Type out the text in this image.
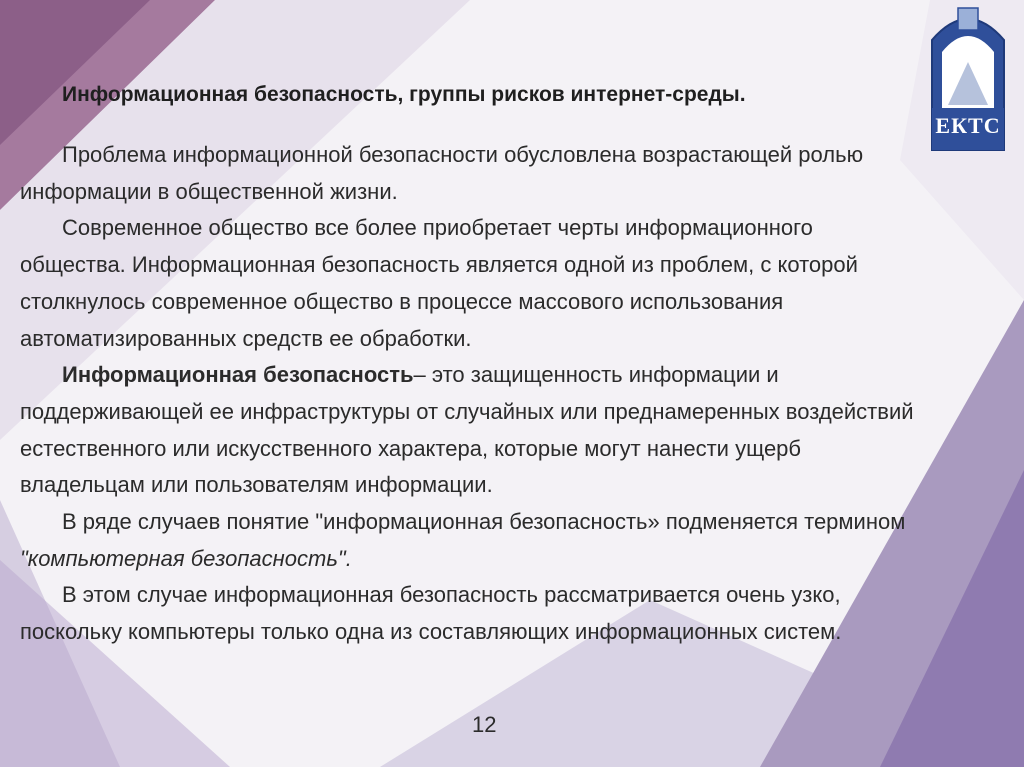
ЕКТС

Информационная безопасность, группы рисков интернет-среды.

Проблема информационной безопасности обусловлена возрастающей ролью информации в общественной жизни.

Современное общество все более приобретает черты информационного общества. Информационная безопасность является одной из проблем, с которой столкнулось современное общество в процессе массового использования автоматизированных средств ее обработки.

Информационная безопасность– это защищенность информации и поддерживающей ее инфраструктуры от случайных или преднамеренных воздействий естественного или искусственного характера, которые могут нанести ущерб владельцам или пользователям информации.

В ряде случаев понятие "информационная безопасность» подменяется термином "компьютерная безопасность".

В этом случае информационная безопасность рассматривается очень узко, поскольку компьютеры только одна из составляющих информационных систем.

12
